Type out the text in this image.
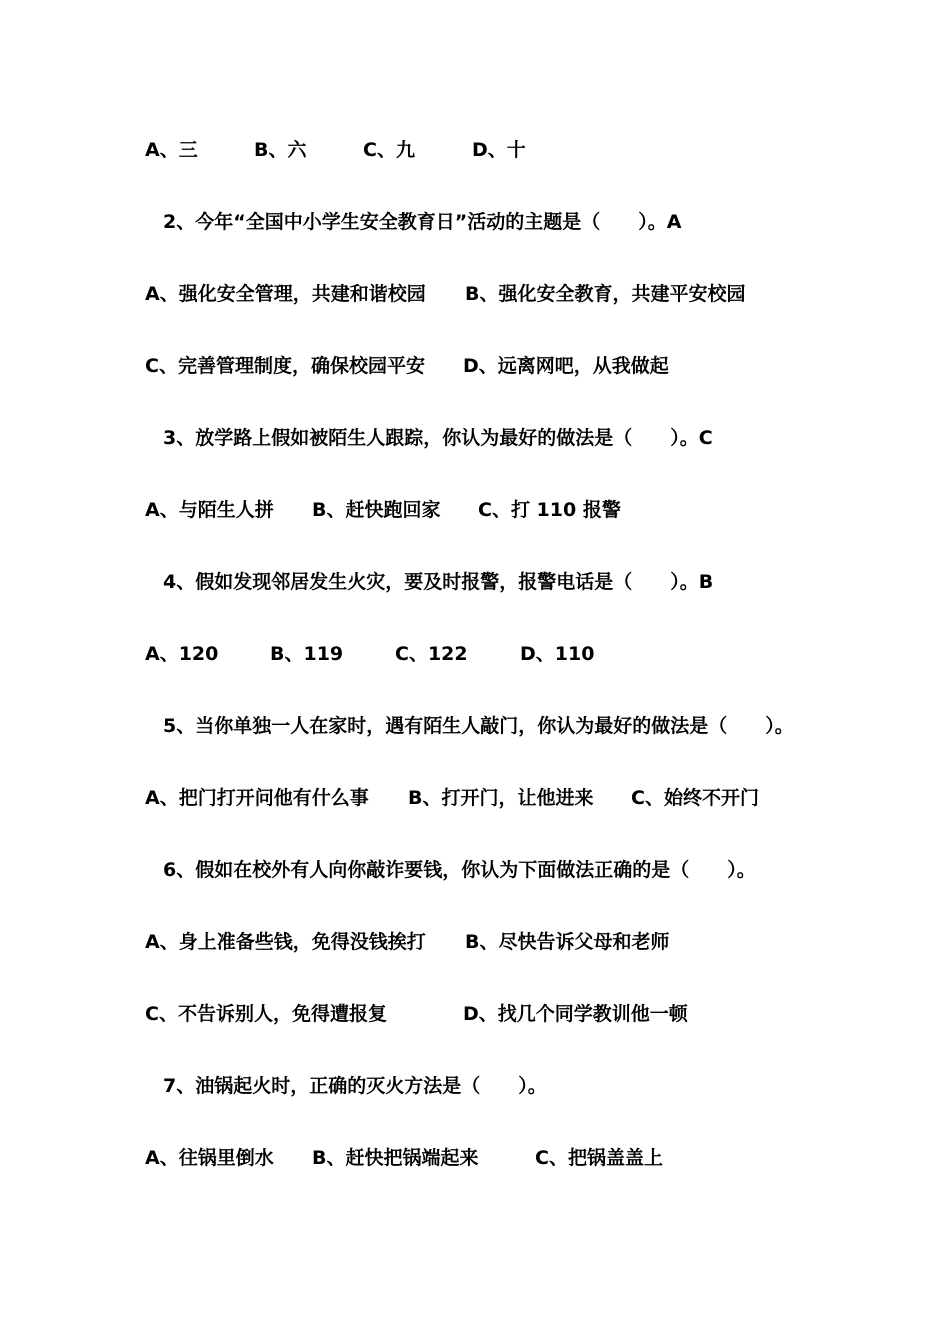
A、三

	B、六

	C、九

	D、十

2、今年“全国中小学生安全教育日”活动的主题是（　　）。A

A、强化安全管理，共建和谐校园

B、强化安全教育，共建平安校园

C、完善管理制度，确保校园平安

D、远离网吧，从我做起

3、放学路上假如被陌生人跟踪，你认为最好的做法是（　　）。C

A、与陌生人拼

B、赶快跑回家

C、打 110 报警

4、假如发现邻居发生火灾，要及时报警，报警电话是（　　）。B

A、120

	B、119

	C、122

	D、110

5、当你单独一人在家时，遇有陌生人敲门，你认为最好的做法是（　　）。

A、把门打开问他有什么事

B、打开门，让他进来

C、始终不开门

6、假如在校外有人向你敲诈要钱，你认为下面做法正确的是（　　）。

A、身上准备些钱，免得没钱挨打

B、尽快告诉父母和老师

C、不告诉别人，免得遭报复

	D、找几个同学教训他一顿

7、油锅起火时，正确的灭火方法是（　　）。

A、往锅里倒水

B、赶快把锅端起来

	C、把锅盖盖上
